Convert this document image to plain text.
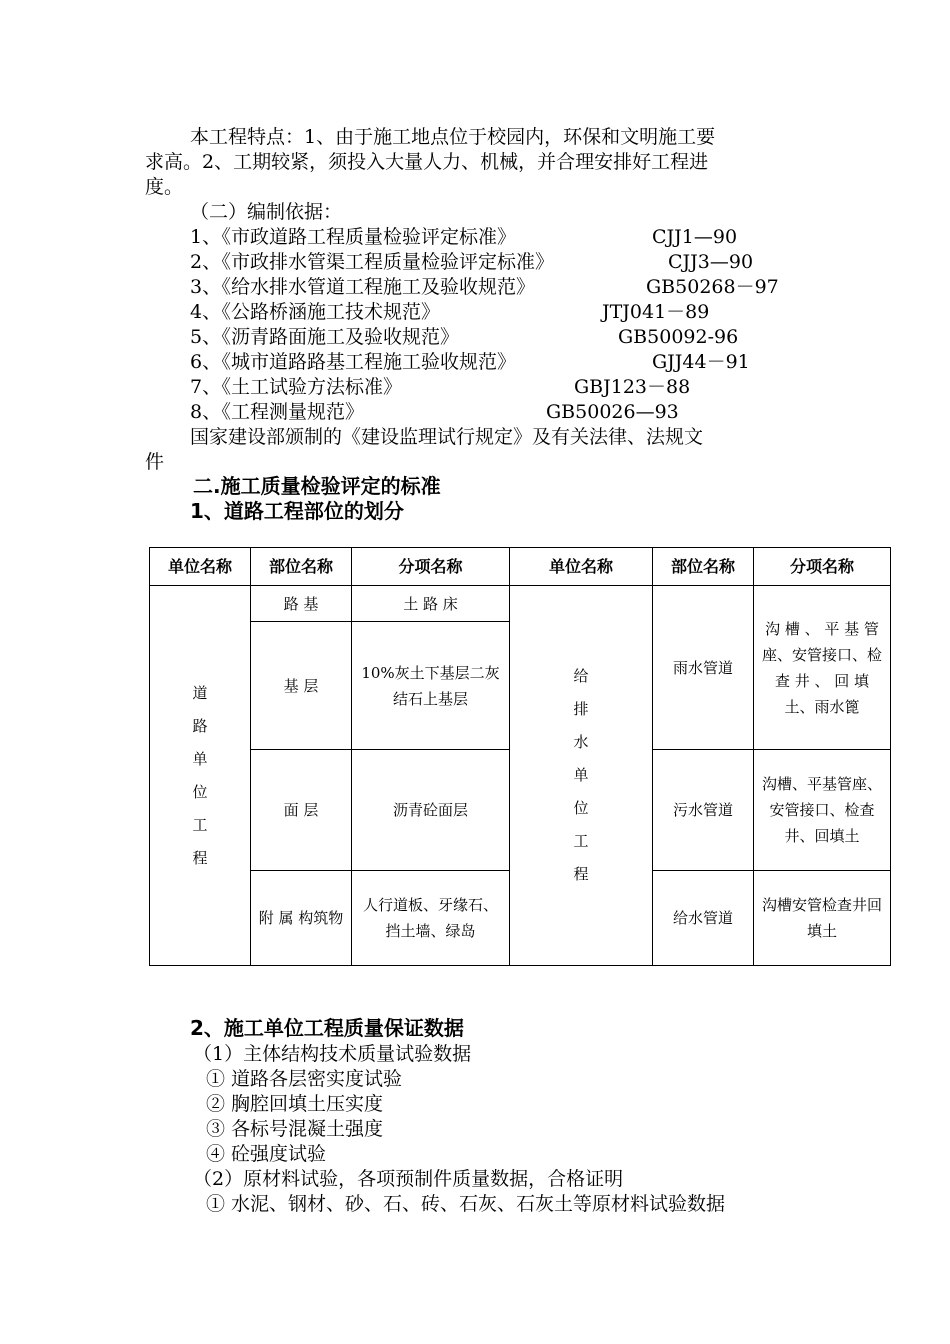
本工程特点：1、由于施工地点位于校园内，环保和文明施工要
求高。2、工期较紧，须投入大量人力、机械，并合理安排好工程进
度。
（二）编制依据：
1、
《市政道路工程质量检验评定标准》	CJJ1—90
2、
《市政排水管渠工程质量检验评定标准》	CJJ3—90
3、
《给水排水管道工程施工及验收规范》	GB50268－97
4、
《公路桥涵施工技术规范》	JTJ041－89
5、
《沥青路面施工及验收规范》	GB50092-96
6、
《城市道路路基工程施工验收规范》	GJJ44－91
7、
《土工试验方法标准》	GBJ123－88
8、
《工程测量规范》	GB50026—93
国家建设部颁制的《建设监理试行规定》及有关法律、法规文
件
二.施工质量检验评定的标准
1、道路工程部位的划分
单位名称	部位名称	分项名称	单位名称	部位名称	分项名称
道路单位工程	路 基	土 路 床	给排水单位工程	雨水管道	沟 槽 、 平 基 管 座、安管接口、检 查 井 、 回 填 土、雨水篦
	基 层	10%灰土下基层二灰结石上基层			

	面 层	沥青砼面层		污水管道	沟槽、平基管座、安管接口、检查井、回填土
	附 属 构筑物	人行道板、牙缘石、挡土墙、绿岛		给水管道	沟槽安管检查井回填土
2、施工单位工程质量保证数据
（1）主体结构技术质量试验数据
① 道路各层密实度试验
② 胸腔回填土压实度
③ 各标号混凝土强度
④ 砼强度试验
（2）原材料试验，各项预制件质量数据，合格证明
① 水泥、钢材、砂、石、砖、石灰、石灰土等原材料试验数据
